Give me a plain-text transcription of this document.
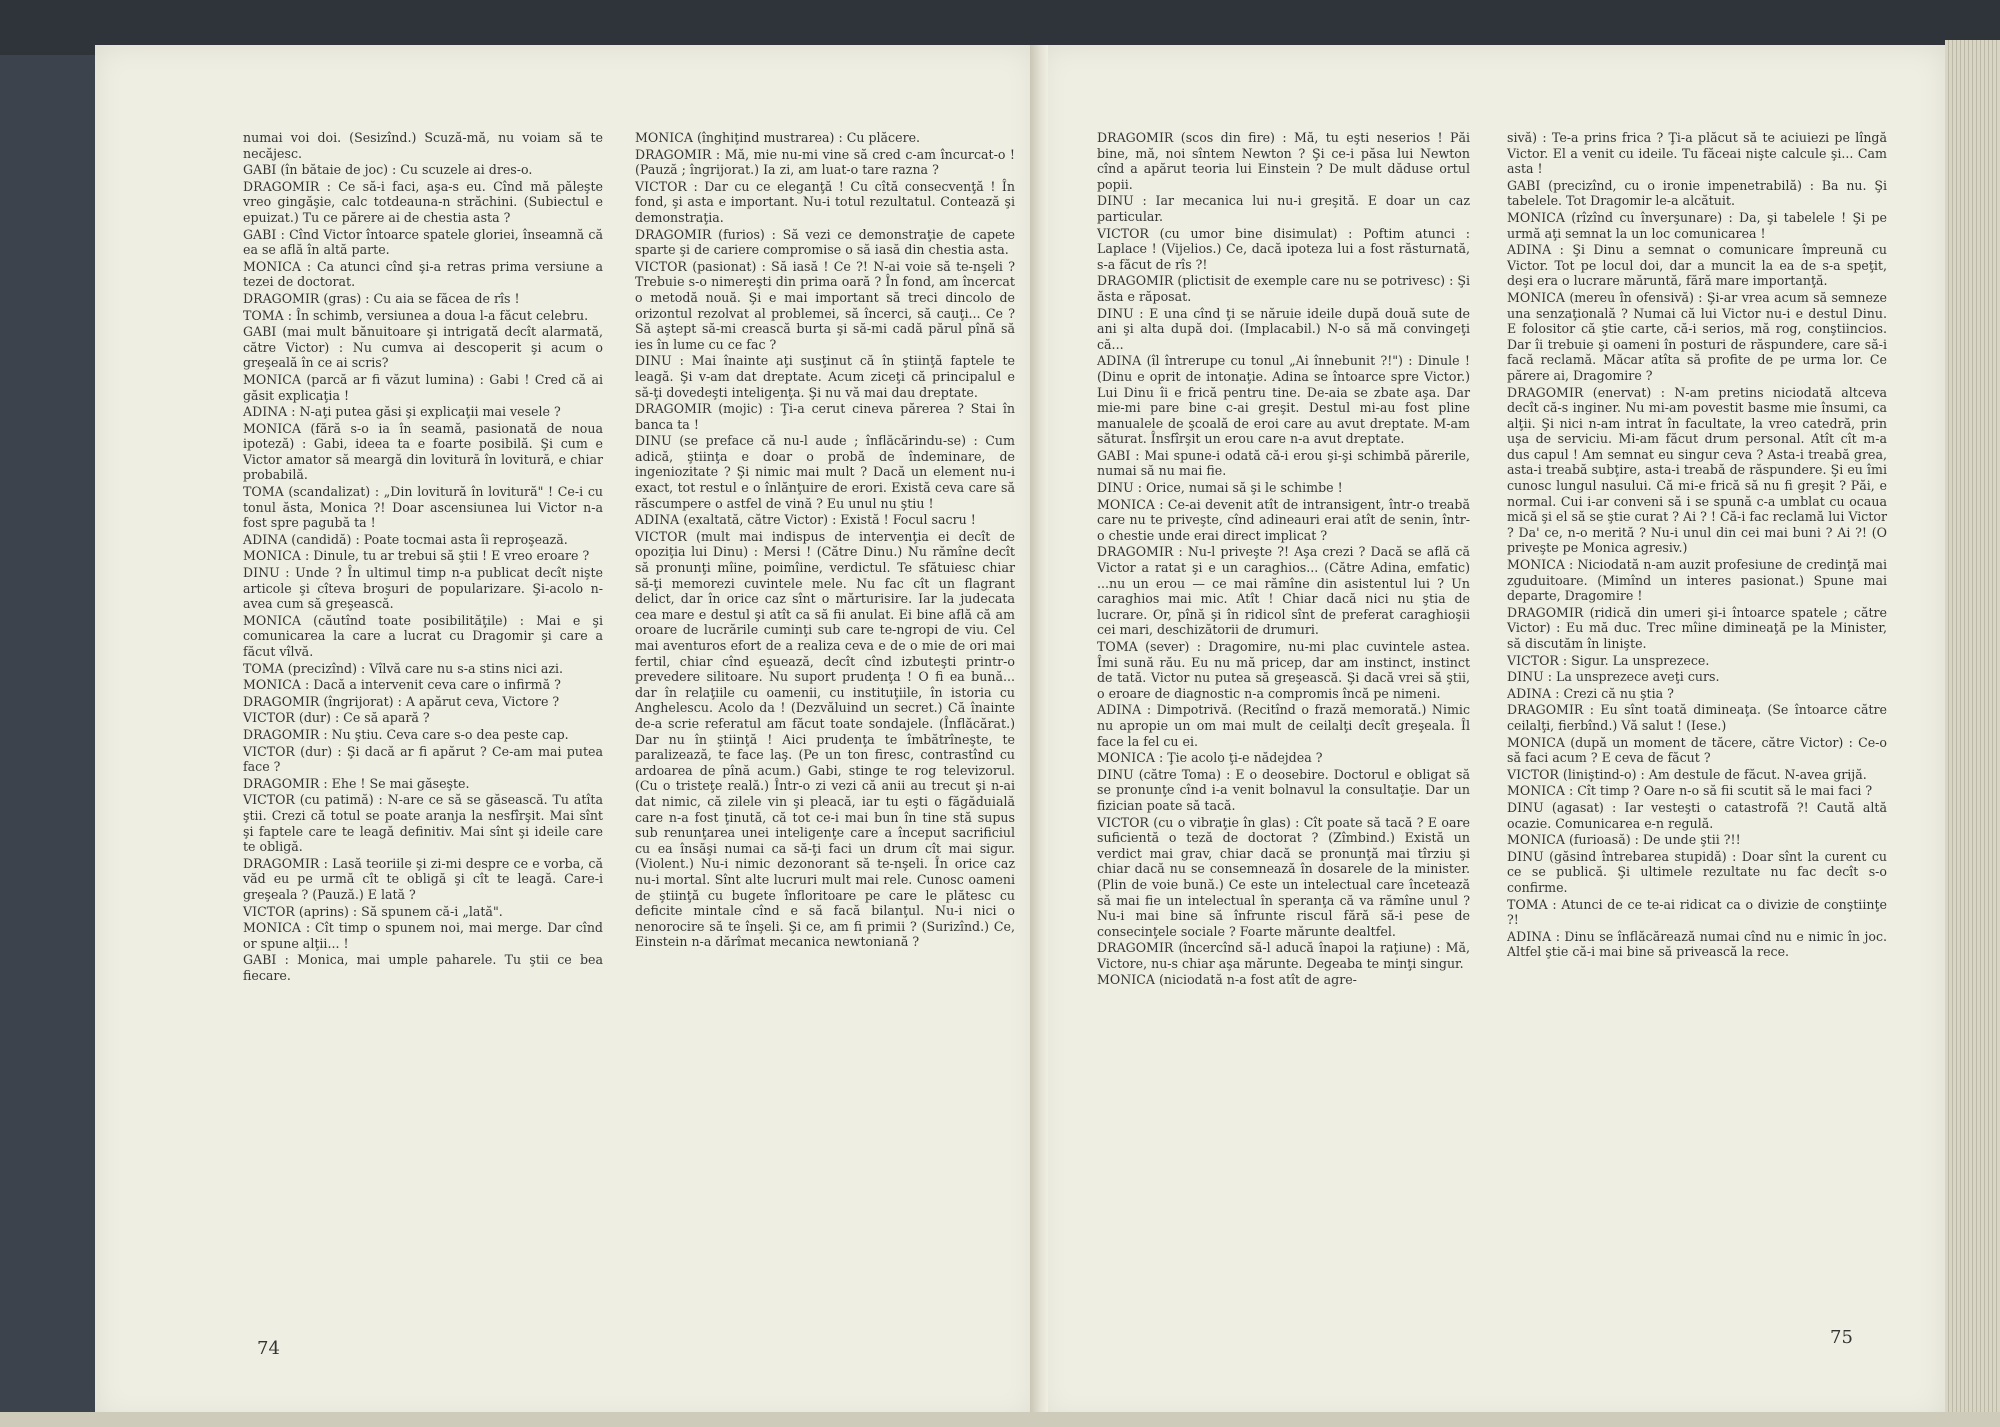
numai voi doi. (Sesizînd.) Scuză-mă, nu voiam să te necăjesc.

GABI (în bătaie de joc) : Cu scuzele ai dres-o.

DRAGOMIR : Ce să-i faci, aşa-s eu. Cînd mă păleşte vreo gingăşie, calc totdeauna-n străchini. (Subiectul e epuizat.) Tu ce părere ai de chestia asta ?

GABI : Cînd Victor întoarce spatele gloriei, înseamnă că ea se află în altă parte.

MONICA : Ca atunci cînd şi-a retras prima versiune a tezei de doctorat.

DRAGOMIR (gras) : Cu aia se făcea de rîs !

TOMA : În schimb, versiunea a doua l-a făcut celebru.

GABI (mai mult bănuitoare şi intrigată decît alarmată, către Victor) : Nu cumva ai descoperit şi acum o greşeală în ce ai scris?

MONICA (parcă ar fi văzut lumina) : Gabi ! Cred că ai găsit explicaţia !

ADINA : N-aţi putea găsi şi explicaţii mai vesele ?

MONICA (fără s-o ia în seamă, pasionată de noua ipoteză) : Gabi, ideea ta e foarte posibilă. Şi cum e Victor amator să meargă din lovitură în lovitură, e chiar probabilă.

TOMA (scandalizat) : „Din lovitură în lovitură" ! Ce-i cu tonul ăsta, Monica ?! Doar ascensiunea lui Victor n-a fost spre pagubă ta !

ADINA (candidă) : Poate tocmai asta îi reproşează.

MONICA : Dinule, tu ar trebui să ştii ! E vreo eroare ?

DINU : Unde ? În ultimul timp n-a publicat decît nişte articole şi cîteva broşuri de popularizare. Şi-acolo n-avea cum să greşească.

MONICA (căutînd toate posibilităţile) : Mai e şi comunicarea la care a lucrat cu Dragomir şi care a făcut vîlvă.

TOMA (precizînd) : Vîlvă care nu s-a stins nici azi.

MONICA : Dacă a intervenit ceva care o infirmă ?

DRAGOMIR (îngrijorat) : A apărut ceva, Victore ?

VICTOR (dur) : Ce să apară ?

DRAGOMIR : Nu ştiu. Ceva care s-o dea peste cap.

VICTOR (dur) : Şi dacă ar fi apărut ? Ce-am mai putea face ?

DRAGOMIR : Ehe ! Se mai găseşte.

VICTOR (cu patimă) : N-are ce să se găsească. Tu atîta ştii. Crezi că totul se poate aranja la nesfîrşit. Mai sînt şi faptele care te leagă definitiv. Mai sînt şi ideile care te obligă.

DRAGOMIR : Lasă teoriile şi zi-mi despre ce e vorba, că văd eu pe urmă cît te obligă şi cît te leagă. Care-i greşeala ? (Pauză.) E lată ?

VICTOR (aprins) : Să spunem că-i „lată".

MONICA : Cît timp o spunem noi, mai merge. Dar cînd or spune alţii... !

GABI : Monica, mai umple paharele. Tu ştii ce bea fiecare.

MONICA (înghiţind mustrarea) : Cu plăcere.

DRAGOMIR : Mă, mie nu-mi vine să cred c-am încurcat-o ! (Pauză ; îngrijorat.) Ia zi, am luat-o tare razna ?

VICTOR : Dar cu ce eleganţă ! Cu cîtă consecvenţă ! În fond, şi asta e important. Nu-i totul rezultatul. Contează şi demonstraţia.

DRAGOMIR (furios) : Să vezi ce demonstraţie de capete sparte şi de cariere compromise o să iasă din chestia asta.

VICTOR (pasionat) : Să iasă ! Ce ?! N-ai voie să te-nşeli ? Trebuie s-o nimereşti din prima oară ? În fond, am încercat o metodă nouă. Şi e mai important să treci dincolo de orizontul rezolvat al problemei, să încerci, să cauţi... Ce ? Să aştept să-mi crească burta şi să-mi cadă părul pînă să ies în lume cu ce fac ?

DINU : Mai înainte aţi susţinut că în ştiinţă faptele te leagă. Şi v-am dat dreptate. Acum ziceţi că principalul e să-ţi dovedeşti inteligenţa. Şi nu vă mai dau dreptate.

DRAGOMIR (mojic) : Ţi-a cerut cineva părerea ? Stai în banca ta !

DINU (se preface că nu-l aude ; înflăcărindu-se) : Cum adică, ştiinţa e doar o probă de îndeminare, de ingeniozitate ? Şi nimic mai mult ? Dacă un element nu-i exact, tot restul e o înlănţuire de erori. Există ceva care să răscumpere o astfel de vină ? Eu unul nu ştiu !

ADINA (exaltată, către Victor) : Există ! Focul sacru !

VICTOR (mult mai indispus de intervenţia ei decît de opoziţia lui Dinu) : Mersi ! (Către Dinu.) Nu rămîne decît să pronunţi mîine, poimîine, verdictul. Te sfătuiesc chiar să-ţi memorezi cuvintele mele. Nu fac cît un flagrant delict, dar în orice caz sînt o mărturisire. Iar la judecata cea mare e destul şi atît ca să fii anulat. Ei bine află că am oroare de lucrările cuminţi sub care te-ngropi de viu. Cel mai aventuros efort de a realiza ceva e de o mie de ori mai fertil, chiar cînd eşuează, decît cînd izbuteşti printr-o prevedere silitoare. Nu suport prudenţa ! O fi ea bună... dar în relaţiile cu oamenii, cu instituţiile, în istoria cu Anghelescu. Acolo da ! (Dezvăluind un secret.) Că înainte de-a scrie referatul am făcut toate sondajele. (Înflăcărat.) Dar nu în ştiinţă ! Aici prudenţa te îmbătrîneşte, te paralizează, te face laş. (Pe un ton firesc, contrastînd cu ardoarea de pînă acum.) Gabi, stinge te rog televizorul. (Cu o tristeţe reală.) Într-o zi vezi că anii au trecut şi n-ai dat nimic, că zilele vin şi pleacă, iar tu eşti o făgăduială care n-a fost ţinută, că tot ce-i mai bun în tine stă supus sub renunţarea unei inteligenţe care a început sacrificiul cu ea însăşi numai ca să-ţi faci un drum cît mai sigur. (Violent.) Nu-i nimic dezonorant să te-nşeli. În orice caz nu-i mortal. Sînt alte lucruri mult mai rele. Cunosc oameni de ştiinţă cu bugete înfloritoare pe care le plătesc cu deficite mintale cînd e să facă bilanţul. Nu-i nici o nenorocire să te înşeli. Şi ce, am fi primii ? (Surizînd.) Ce, Einstein n-a dărîmat mecanica newtoniană ?

DRAGOMIR (scos din fire) : Mă, tu eşti neserios ! Păi bine, mă, noi sîntem Newton ? Şi ce-i păsa lui Newton cînd a apărut teoria lui Einstein ? De mult dăduse ortul popii.

DINU : Iar mecanica lui nu-i greşită. E doar un caz particular.

VICTOR (cu umor bine disimulat) : Poftim atunci : Laplace ! (Vijelios.) Ce, dacă ipoteza lui a fost răsturnată, s-a făcut de rîs ?!

DRAGOMIR (plictisit de exemple care nu se potrivesc) : Şi ăsta e răposat.

DINU : E una cînd ţi se năruie ideile după două sute de ani şi alta după doi. (Implacabil.) N-o să mă convingeţi că...

ADINA (îl întrerupe cu tonul „Ai înnebunit ?!") : Dinule ! (Dinu e oprit de intonaţie. Adina se întoarce spre Victor.) Lui Dinu îi e frică pentru tine. De-aia se zbate aşa. Dar mie-mi pare bine c-ai greşit. Destul mi-au fost pline manualele de şcoală de eroi care au avut dreptate. M-am săturat. Însfîrşit un erou care n-a avut dreptate.

GABI : Mai spune-i odată că-i erou şi-şi schimbă părerile, numai să nu mai fie.

DINU : Orice, numai să şi le schimbe !

MONICA : Ce-ai devenit atît de intransigent, într-o treabă care nu te priveşte, cînd adineauri erai atît de senin, într-o chestie unde erai direct implicat ?

DRAGOMIR : Nu-l priveşte ?! Aşa crezi ? Dacă se află că Victor a ratat şi e un caraghios... (Către Adina, emfatic) ...nu un erou — ce mai rămîne din asistentul lui ? Un caraghios mai mic. Atît ! Chiar dacă nici nu ştia de lucrare. Or, pînă şi în ridicol sînt de preferat caraghioşii cei mari, deschizătorii de drumuri.

TOMA (sever) : Dragomire, nu-mi plac cuvintele astea. Îmi sună rău. Eu nu mă pricep, dar am instinct, instinct de tată. Victor nu putea să greşească. Şi dacă vrei să ştii, o eroare de diagnostic n-a compromis încă pe nimeni.

ADINA : Dimpotrivă. (Recitînd o frază memorată.) Nimic nu apropie un om mai mult de ceilalţi decît greşeala. Îl face la fel cu ei.

MONICA : Ţie acolo ţi-e nădejdea ?

DINU (către Toma) : E o deosebire. Doctorul e obligat să se pronunţe cînd i-a venit bolnavul la consultaţie. Dar un fizician poate să tacă.

VICTOR (cu o vibraţie în glas) : Cît poate să tacă ? E oare suficientă o teză de doctorat ? (Zîmbind.) Există un verdict mai grav, chiar dacă se pronunţă mai tîrziu şi chiar dacă nu se consemnează în dosarele de la minister. (Plin de voie bună.) Ce este un intelectual care încetează să mai fie un intelectual în speranţa că va rămîne unul ? Nu-i mai bine să înfrunte riscul fără să-i pese de consecinţele sociale ? Foarte mărunte dealtfel.

DRAGOMIR (încercînd să-l aducă înapoi la raţiune) : Mă, Victore, nu-s chiar aşa mărunte. Degeaba te minţi singur.

MONICA (niciodată n-a fost atît de agre-

sivă) : Te-a prins frica ? Ţi-a plăcut să te aciuiezi pe lîngă Victor. El a venit cu ideile. Tu făceai nişte calcule şi... Cam asta !

GABI (precizînd, cu o ironie impenetrabilă) : Ba nu. Şi tabelele. Tot Dragomir le-a alcătuit.

MONICA (rîzînd cu înverşunare) : Da, şi tabelele ! Şi pe urmă aţi semnat la un loc comunicarea !

ADINA : Şi Dinu a semnat o comunicare împreună cu Victor. Tot pe locul doi, dar a muncit la ea de s-a speţit, deşi era o lucrare măruntă, fără mare importanţă.

MONICA (mereu în ofensivă) : Şi-ar vrea acum să semneze una senzaţională ? Numai că lui Victor nu-i e destul Dinu. E folositor că ştie carte, că-i serios, mă rog, conştiincios. Dar îi trebuie şi oameni în posturi de răspundere, care să-i facă reclamă. Măcar atîta să profite de pe urma lor. Ce părere ai, Dragomire ?

DRAGOMIR (enervat) : N-am pretins niciodată altceva decît că-s inginer. Nu mi-am povestit basme mie însumi, ca alţii. Şi nici n-am intrat în facultate, la vreo catedră, prin uşa de serviciu. Mi-am făcut drum personal. Atît cît m-a dus capul ! Am semnat eu singur ceva ? Asta-i treabă grea, asta-i treabă subţire, asta-i treabă de răspundere. Şi eu îmi cunosc lungul nasului. Că mi-e frică să nu fi greşit ? Păi, e normal. Cui i-ar conveni să i se spună c-a umblat cu ocaua mică şi el să se ştie curat ? Ai ? ! Că-i fac reclamă lui Victor ? Da' ce, n-o merită ? Nu-i unul din cei mai buni ? Ai ?! (O priveşte pe Monica agresiv.)

MONICA : Niciodată n-am auzit profesiune de credinţă mai zguduitoare. (Mimînd un interes pasionat.) Spune mai departe, Dragomire !

DRAGOMIR (ridică din umeri şi-i întoarce spatele ; către Victor) : Eu mă duc. Trec mîine dimineaţă pe la Minister, să discutăm în linişte.

VICTOR : Sigur. La unsprezece.

DINU : La unsprezece aveţi curs.

ADINA : Crezi că nu ştia ?

DRAGOMIR : Eu sînt toată dimineaţa. (Se întoarce către ceilalţi, fierbînd.) Vă salut ! (Iese.)

MONICA (după un moment de tăcere, către Victor) : Ce-o să faci acum ? E ceva de făcut ?

VICTOR (liniştind-o) : Am destule de făcut. N-avea grijă.

MONICA : Cît timp ? Oare n-o să fii scutit să le mai faci ?

DINU (agasat) : Iar vesteşti o catastrofă ?! Caută altă ocazie. Comunicarea e-n regulă.

MONICA (furioasă) : De unde ştii ?!!

DINU (găsind întrebarea stupidă) : Doar sînt la curent cu ce se publică. Şi ultimele rezultate nu fac decît s-o confirme.

TOMA : Atunci de ce te-ai ridicat ca o divizie de conştiinţe ?!

ADINA : Dinu se înflăcărează numai cînd nu e nimic în joc. Altfel ştie că-i mai bine să privească la rece.

74
75
